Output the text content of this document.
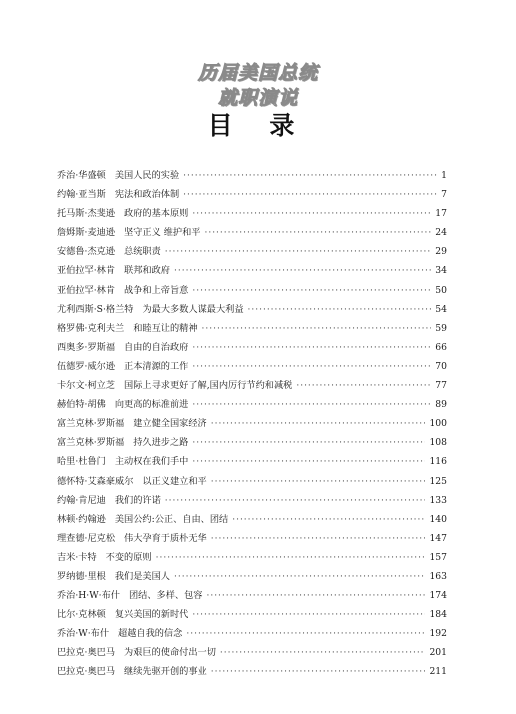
历届美国总统
就职演说
目 录
乔治·华盛顿 美国人民的实验 ·····	1
约翰·亚当斯 宪法和政治体制 ·····	7
托马斯·杰斐逊 政府的基本原则 ·····	17
詹姆斯·麦迪逊 坚守正义 维护和平 ·····	24
安德鲁·杰克逊 总统职责 ·····	29
亚伯拉罕·林肯 联邦和政府 ·····	34
亚伯拉罕·林肯 战争和上帝旨意 ·····	50
尤利西斯·S·格兰特 为最大多数人谋最大利益 ·····	54
格罗佛·克利夫兰 和睦互让的精神 ·····	59
西奥多·罗斯福 自由的自治政府 ·····	66
伍德罗·威尔逊 正本清源的工作 ·····	70
卡尔文·柯立芝 国际上寻求更好了解,国内厉行节约和减税 ·····	77
赫伯特·胡佛 向更高的标准前进 ·····	89
富兰克林·罗斯福 建立健全国家经济 ·····	100
富兰克林·罗斯福 持久进步之路 ·····	108
哈里·杜鲁门 主动权在我们手中 ·····	116
德怀特·艾森豪威尔 以正义建立和平 ·····	125
约翰·肯尼迪 我们的许诺 ·····	133
林顿·约翰逊 美国公约:公正、自由、团结 ·····	140
理查德·尼克松 伟大孕育于质朴无华 ·····	147
吉米·卡特 不变的原则 ·····	157
罗纳德·里根 我们是美国人 ·····	163
乔治·H·W·布什 团结、多样、包容 ·····	174
比尔·克林顿 复兴美国的新时代 ·····	184
乔治·W·布什 超越自我的信念 ·····	192
巴拉克·奥巴马 为艰巨的使命付出一切 ·····	201
巴拉克·奥巴马 继续先驱开创的事业 ·····	211
